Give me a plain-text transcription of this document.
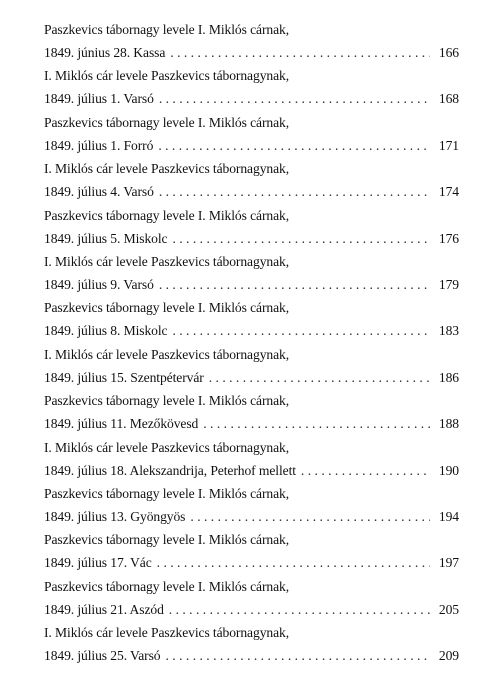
Paszkevics tábornagy levele I. Miklós cárnak,
1849. június 28. Kassa . . .	166
I. Miklós cár levele Paszkevics tábornagynak,
1849. július 1. Varsó . . .	168
Paszkevics tábornagy levele I. Miklós cárnak,
1849. július 1. Forró . . .	171
I. Miklós cár levele Paszkevics tábornagynak,
1849. július 4. Varsó . . .	174
Paszkevics tábornagy levele I. Miklós cárnak,
1849. július 5. Miskolc . . .	176
I. Miklós cár levele Paszkevics tábornagynak,
1849. július 9. Varsó . . .	179
Paszkevics tábornagy levele I. Miklós cárnak,
1849. július 8. Miskolc . . .	183
I. Miklós cár levele Paszkevics tábornagynak,
1849. július 15. Szentpétervár . . .	186
Paszkevics tábornagy levele I. Miklós cárnak,
1849. július 11. Mezőkövesd . . .	188
I. Miklós cár levele Paszkevics tábornagynak,
1849. július 18. Alekszandrija, Peterhof mellett . . .	190
Paszkevics tábornagy levele I. Miklós cárnak,
1849. július 13. Gyöngyös . . .	194
Paszkevics tábornagy levele I. Miklós cárnak,
1849. július 17. Vác . . .	197
Paszkevics tábornagy levele I. Miklós cárnak,
1849. július 21. Aszód . . .	205
I. Miklós cár levele Paszkevics tábornagynak,
1849. július 25. Varsó . . .	209
